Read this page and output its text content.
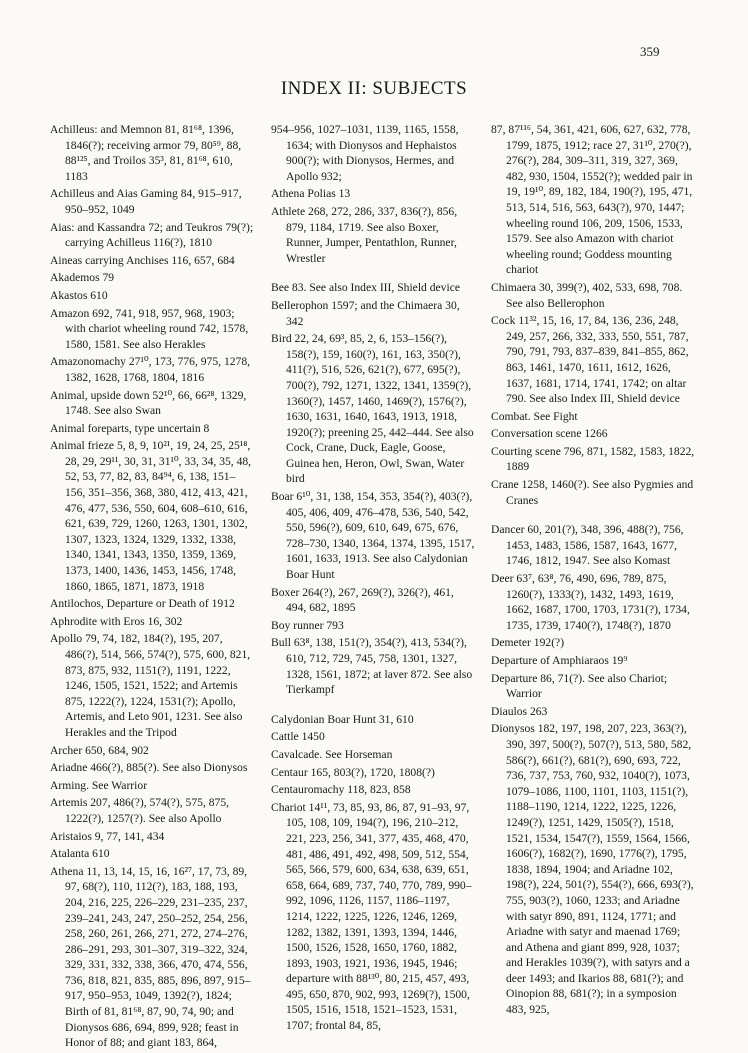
359
INDEX II: SUBJECTS
Achilleus: and Memnon 81, 81⁶⁸, 1396, 1846(?); receiving armor 79, 80⁵⁹, 88, 88¹²⁵, and Troilos 35³, 81, 81⁶⁸, 610, 1183
Achilleus and Aias Gaming 84, 915–917, 950–952, 1049
Aias: and Kassandra 72; and Teukros 79(?); carrying Achilleus 116(?), 1810
Aineas carrying Anchises 116, 657, 684
Akademos 79
Akastos 610
Amazon 692, 741, 918, 957, 968, 1903; with chariot wheeling round 742, 1578, 1580, 1581. See also Herakles
Amazonomachy 27¹⁰, 173, 776, 975, 1278, 1382, 1628, 1768, 1804, 1816
Animal, upside down 52¹⁰, 66, 66²⁸, 1329, 1748. See also Swan
Animal foreparts, type uncertain 8
Animal frieze 5, 8, 9, 10²¹, 19, 24, 25, 25¹⁸, 28, 29, 29¹¹, 30, 31, 31¹⁰, 33, 34, 35, 48, 52, 53, 77, 82, 83, 84⁹⁴, 6, 138, 151–156, 351–356, 368, 380, 412, 413, 421, 476, 477, 536, 550, 604, 608–610, 616, 621, 639, 729, 1260, 1263, 1301, 1302, 1307, 1323, 1324, 1329, 1332, 1338, 1340, 1341, 1343, 1350, 1359, 1369, 1373, 1400, 1436, 1453, 1456, 1748, 1860, 1865, 1871, 1873, 1918
Antilochos, Departure or Death of 1912
Aphrodite with Eros 16, 302
Apollo 79, 74, 182, 184(?), 195, 207, 486(?), 514, 566, 574(?), 575, 600, 821, 873, 875, 932, 1151(?), 1191, 1222, 1246, 1505, 1521, 1522; and Artemis 875, 1222(?), 1224, 1531(?); Apollo, Artemis, and Leto 901, 1231. See also Herakles and the Tripod
Archer 650, 684, 902
Ariadne 466(?), 885(?). See also Dionysos
Arming. See Warrior
Artemis 207, 486(?), 574(?), 575, 875, 1222(?), 1257(?). See also Apollo
Aristaios 9, 77, 141, 434
Atalanta 610
Athena 11, 13, 14, 15, 16, 16²⁷, 17, 73, 89, 97, 68(?), 110, 112(?), 183, 188, 193, 204, 216, 225, 226–229, 231–235, 237, 239–241, 243, 247, 250–252, 254, 256, 258, 260, 261, 266, 271, 272, 274–276, 286–291, 293, 301–307, 319–322, 324, 329, 331, 332, 338, 366, 470, 474, 556, 736, 818, 821, 835, 885, 896, 897, 915–917, 950–953, 1049, 1392(?), 1824; Birth of 81, 81⁶⁸, 87, 90, 74, 90; and Dionysos 686, 694, 899, 928; feast in Honor of 88; and giant 183, 864,
954–956, 1027–1031, 1139, 1165, 1558, 1634; with Dionysos and Hephaistos 900(?); with Dionysos, Hermes, and Apollo 932;
Athena Polias 13
Athlete 268, 272, 286, 337, 836(?), 856, 879, 1184, 1719. See also Boxer, Runner, Jumper, Pentathlon, Runner, Wrestler
Bee 83. See also Index III, Shield device
Bellerophon 1597; and the Chimaera 30, 342
Bird 22, 24, 69³, 85, 2, 6, 153–156(?), 158(?), 159, 160(?), 161, 163, 350(?), 411(?), 516, 526, 621(?), 677, 695(?), 700(?), 792, 1271, 1322, 1341, 1359(?), 1360(?), 1457, 1460, 1469(?), 1576(?), 1630, 1631, 1640, 1643, 1913, 1918, 1920(?); preening 25, 442–444. See also Cock, Crane, Duck, Eagle, Goose, Guinea hen, Heron, Owl, Swan, Water bird
Boar 6¹⁰, 31, 138, 154, 353, 354(?), 403(?), 405, 406, 409, 476–478, 536, 540, 542, 550, 596(?), 609, 610, 649, 675, 676, 728–730, 1340, 1364, 1374, 1395, 1517, 1601, 1633, 1913. See also Calydonian Boar Hunt
Boxer 264(?), 267, 269(?), 326(?), 461, 494, 682, 1895
Boy runner 793
Bull 63⁸, 138, 151(?), 354(?), 413, 534(?), 610, 712, 729, 745, 758, 1301, 1327, 1328, 1561, 1872; at laver 872. See also Tierkampf
Calydonian Boar Hunt 31, 610
Cattle 1450
Cavalcade. See Horseman
Centaur 165, 803(?), 1720, 1808(?)
Centauromachy 118, 823, 858
Chariot 14¹¹, 73, 85, 93, 86, 87, 91–93, 97, 105, 108, 109, 194(?), 196, 210–212, 221, 223, 256, 341, 377, 435, 468, 470, 481, 486, 491, 492, 498, 509, 512, 554, 565, 566, 579, 600, 634, 638, 639, 651, 658, 664, 689, 737, 740, 770, 789, 990–992, 1096, 1126, 1157, 1186–1197, 1214, 1222, 1225, 1226, 1246, 1269, 1282, 1382, 1391, 1393, 1394, 1446, 1500, 1526, 1528, 1650, 1760, 1882, 1893, 1903, 1921, 1936, 1945, 1946; departure with 88¹³⁰, 80, 215, 457, 493, 495, 650, 870, 902, 993, 1269(?), 1500, 1505, 1516, 1518, 1521–1523, 1531, 1707; frontal 84, 85,
87, 87¹¹⁶, 54, 361, 421, 606, 627, 632, 778, 1799, 1875, 1912; race 27, 31¹⁰, 270(?), 276(?), 284, 309–311, 319, 327, 369, 482, 930, 1504, 1552(?); wedded pair in 19, 19¹⁰, 89, 182, 184, 190(?), 195, 471, 513, 514, 516, 563, 643(?), 970, 1447; wheeling round 106, 209, 1506, 1533, 1579. See also Amazon with chariot wheeling round; Goddess mounting chariot
Chimaera 30, 399(?), 402, 533, 698, 708. See also Bellerophon
Cock 11³², 15, 16, 17, 84, 136, 236, 248, 249, 257, 266, 332, 333, 550, 551, 787, 790, 791, 793, 837–839, 841–855, 862, 863, 1461, 1470, 1611, 1612, 1626, 1637, 1681, 1714, 1741, 1742; on altar 790. See also Index III, Shield device
Combat. See Fight
Conversation scene 1266
Courting scene 796, 871, 1582, 1583, 1822, 1889
Crane 1258, 1460(?). See also Pygmies and Cranes
Dancer 60, 201(?), 348, 396, 488(?), 756, 1453, 1483, 1586, 1587, 1643, 1677, 1746, 1812, 1947. See also Komast
Deer 63⁷, 63⁸, 76, 490, 696, 789, 875, 1260(?), 1333(?), 1432, 1493, 1619, 1662, 1687, 1700, 1703, 1731(?), 1734, 1735, 1739, 1740(?), 1748(?), 1870
Demeter 192(?)
Departure of Amphiaraos 19⁹
Departure 86, 71(?). See also Chariot; Warrior
Diaulos 263
Dionysos 182, 197, 198, 207, 223, 363(?), 390, 397, 500(?), 507(?), 513, 580, 582, 586(?), 661(?), 681(?), 690, 693, 722, 736, 737, 753, 760, 932, 1040(?), 1073, 1079–1086, 1100, 1101, 1103, 1151(?), 1188–1190, 1214, 1222, 1225, 1226, 1249(?), 1251, 1429, 1505(?), 1518, 1521, 1534, 1547(?), 1559, 1564, 1566, 1606(?), 1682(?), 1690, 1776(?), 1795, 1838, 1894, 1904; and Ariadne 102, 198(?), 224, 501(?), 554(?), 666, 693(?), 755, 903(?), 1060, 1233; and Ariadne with satyr 890, 891, 1124, 1771; and Ariadne with satyr and maenad 1769; and Athena and giant 899, 928, 1037; and Herakles 1039(?), with satyrs and a deer 1493; and Ikarios 88, 681(?); and Oinopion 88, 681(?); in a symposion 483, 925,
